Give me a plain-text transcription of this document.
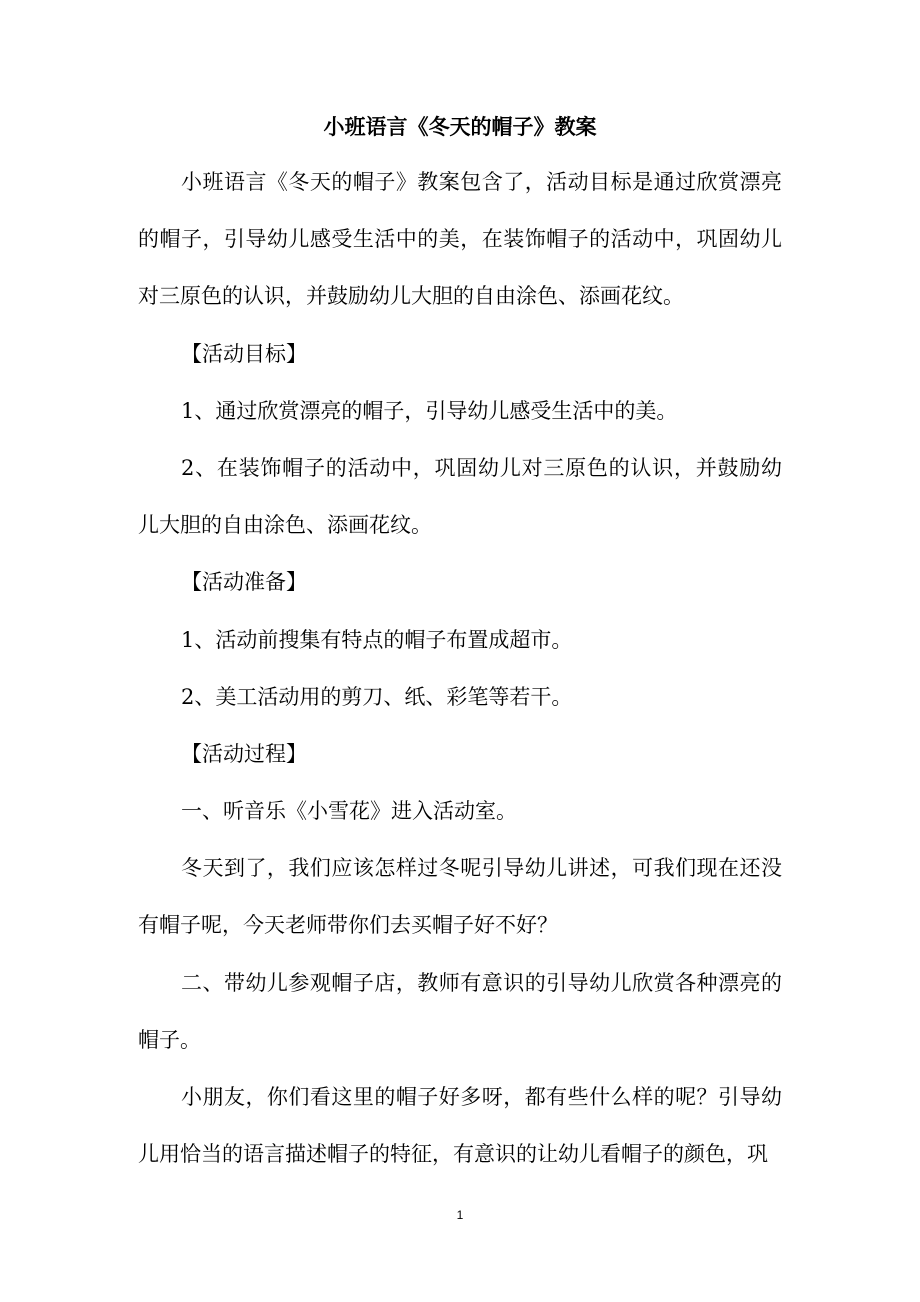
小班语言《冬天的帽子》教案
小班语言《冬天的帽子》教案包含了，活动目标是通过欣赏漂亮
的帽子，引导幼儿感受生活中的美，在装饰帽子的活动中，巩固幼儿
对三原色的认识，并鼓励幼儿大胆的自由涂色、添画花纹。
【活动目标】
1、通过欣赏漂亮的帽子，引导幼儿感受生活中的美。
2、在装饰帽子的活动中，巩固幼儿对三原色的认识，并鼓励幼
儿大胆的自由涂色、添画花纹。
【活动准备】
1、活动前搜集有特点的帽子布置成超市。
2、美工活动用的剪刀、纸、彩笔等若干。
【活动过程】
一、听音乐《小雪花》进入活动室。
冬天到了，我们应该怎样过冬呢引导幼儿讲述，可我们现在还没
有帽子呢，今天老师带你们去买帽子好不好？
二、带幼儿参观帽子店，教师有意识的引导幼儿欣赏各种漂亮的
帽子。
小朋友，你们看这里的帽子好多呀，都有些什么样的呢？引导幼
儿用恰当的语言描述帽子的特征，有意识的让幼儿看帽子的颜色，巩
1
